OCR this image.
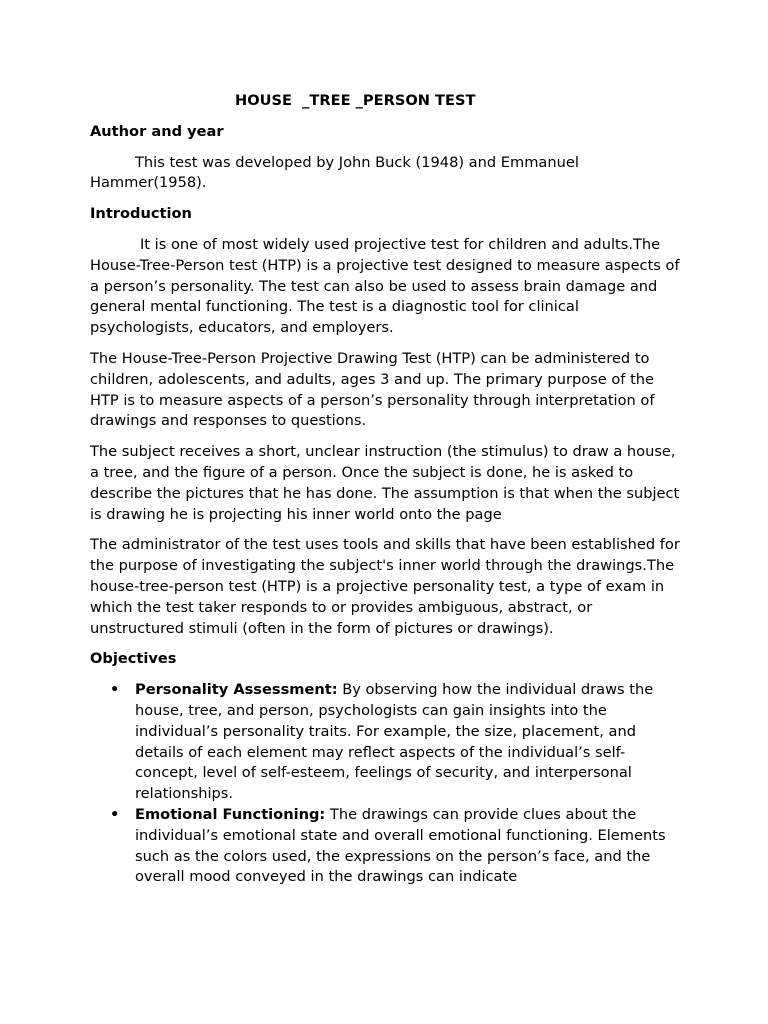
HOUSE  _TREE _PERSON TEST
Author and year

This test was developed by John Buck (1948) and Emmanuel Hammer(1958).

Introduction

It is one of most widely used projective test for children and adults.The House-Tree-Person test (HTP) is a projective test designed to measure aspects of a person’s personality. The test can also be used to assess brain damage and general mental functioning. The test is a diagnostic tool for clinical psychologists, educators, and employers.

The House-Tree-Person Projective Drawing Test (HTP) can be administered to children, adolescents, and adults, ages 3 and up. The primary purpose of the HTP is to measure aspects of a person’s personality through interpretation of drawings and responses to questions.

The subject receives a short, unclear instruction (the stimulus) to draw a house, a tree, and the figure of a person. Once the subject is done, he is asked to describe the pictures that he has done. The assumption is that when the subject is drawing he is projecting his inner world onto the page

The administrator of the test uses tools and skills that have been established for the purpose of investigating the subject's inner world through the drawings.The house-tree-person test (HTP) is a projective personality test, a type of exam in which the test taker responds to or provides ambiguous, abstract, or unstructured stimuli (often in the form of pictures or drawings).

Objectives
• Personality Assessment: By observing how the individual draws the house, tree, and person, psychologists can gain insights into the individual’s personality traits. For example, the size, placement, and details of each element may reflect aspects of the individual’s self-concept, level of self-esteem, feelings of security, and interpersonal relationships.
• Emotional Functioning: The drawings can provide clues about the individual’s emotional state and overall emotional functioning. Elements such as the colors used, the expressions on the person’s face, and the overall mood conveyed in the drawings can indicate
